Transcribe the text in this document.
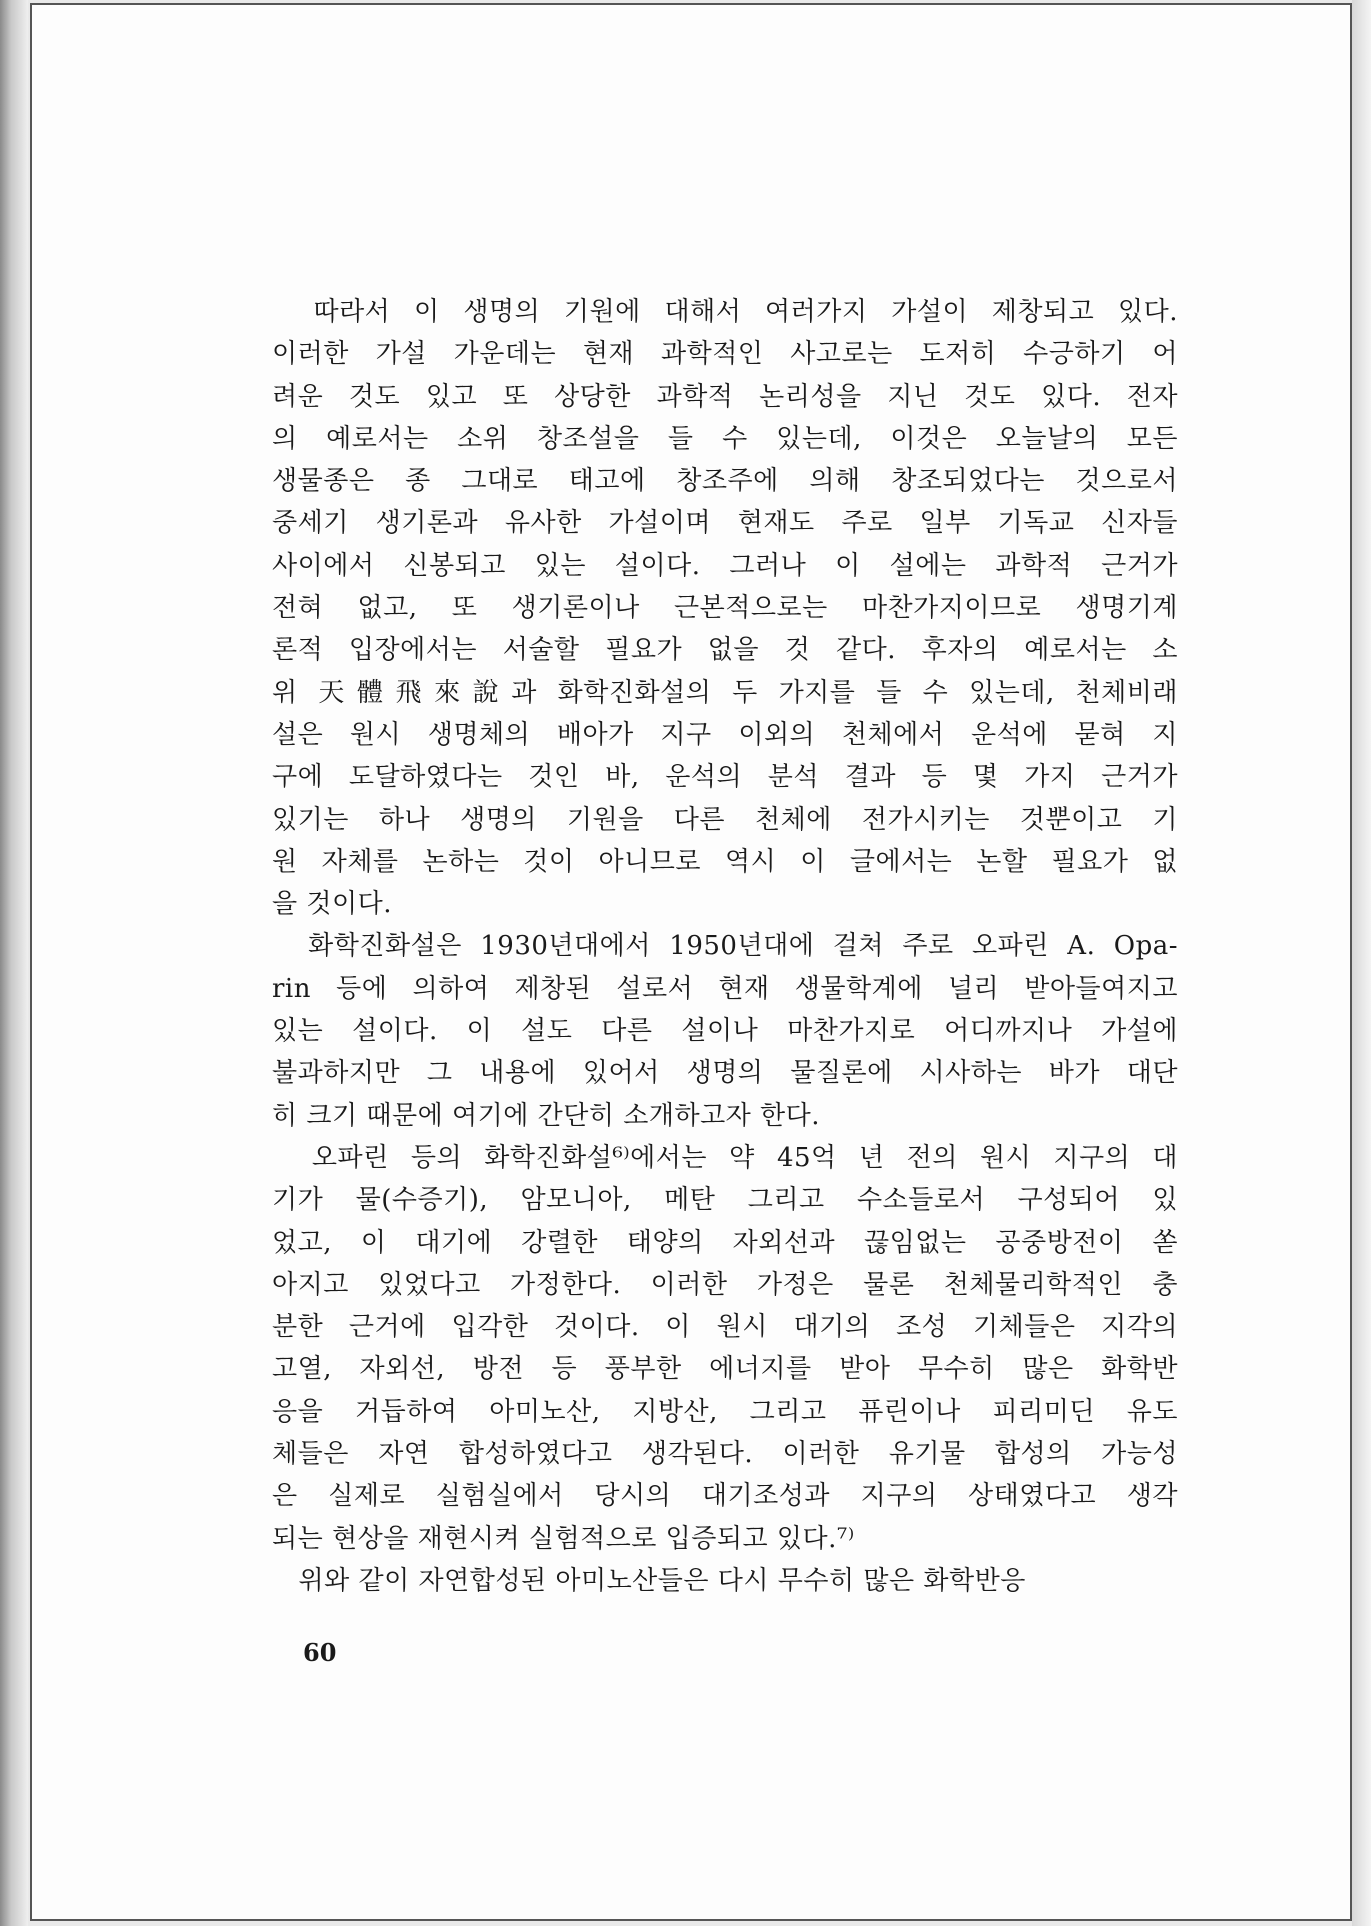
　따라서 이 생명의 기원에 대해서 여러가지 가설이 제창되고 있다.
이러한 가설 가운데는 현재 과학적인 사고로는 도저히 수긍하기 어
려운 것도 있고 또 상당한 과학적 논리성을 지닌 것도 있다. 전자
의 예로서는 소위 창조설을 들 수 있는데, 이것은 오늘날의 모든
생물종은 종 그대로 태고에 창조주에 의해 창조되었다는 것으로서
중세기 생기론과 유사한 가설이며 현재도 주로 일부 기독교 신자들
사이에서 신봉되고 있는 설이다. 그러나 이 설에는 과학적 근거가
전혀 없고, 또 생기론이나 근본적으로는 마찬가지이므로 생명기계
론적 입장에서는 서술할 필요가 없을 것 같다. 후자의 예로서는 소
위 天體飛來說과 화학진화설의 두 가지를 들 수 있는데, 천체비래
설은 원시 생명체의 배아가 지구 이외의 천체에서 운석에 묻혀 지
구에 도달하였다는 것인 바, 운석의 분석 결과 등 몇 가지 근거가
있기는 하나 생명의 기원을 다른 천체에 전가시키는 것뿐이고 기
원 자체를 논하는 것이 아니므로 역시 이 글에서는 논할 필요가 없
을 것이다.
　화학진화설은 1930년대에서 1950년대에 걸쳐 주로 오파린 A. Opa-
rin 등에 의하여 제창된 설로서 현재 생물학계에 널리 받아들여지고
있는 설이다. 이 설도 다른 설이나 마찬가지로 어디까지나 가설에
불과하지만 그 내용에 있어서 생명의 물질론에 시사하는 바가 대단
히 크기 때문에 여기에 간단히 소개하고자 한다.
　오파린 등의 화학진화설⁶⁾에서는 약 45억 년 전의 원시 지구의 대
기가 물(수증기), 암모니아, 메탄 그리고 수소들로서 구성되어 있
었고, 이 대기에 강렬한 태양의 자외선과 끊임없는 공중방전이 쏟
아지고 있었다고 가정한다. 이러한 가정은 물론 천체물리학적인 충
분한 근거에 입각한 것이다. 이 원시 대기의 조성 기체들은 지각의
고열, 자외선, 방전 등 풍부한 에너지를 받아 무수히 많은 화학반
응을 거듭하여 아미노산, 지방산, 그리고 퓨린이나 피리미딘 유도
체들은 자연 합성하였다고 생각된다. 이러한 유기물 합성의 가능성
은 실제로 실험실에서 당시의 대기조성과 지구의 상태였다고 생각
되는 현상을 재현시켜 실험적으로 입증되고 있다.⁷⁾
　위와 같이 자연합성된 아미노산들은 다시 무수히 많은 화학반응
60
